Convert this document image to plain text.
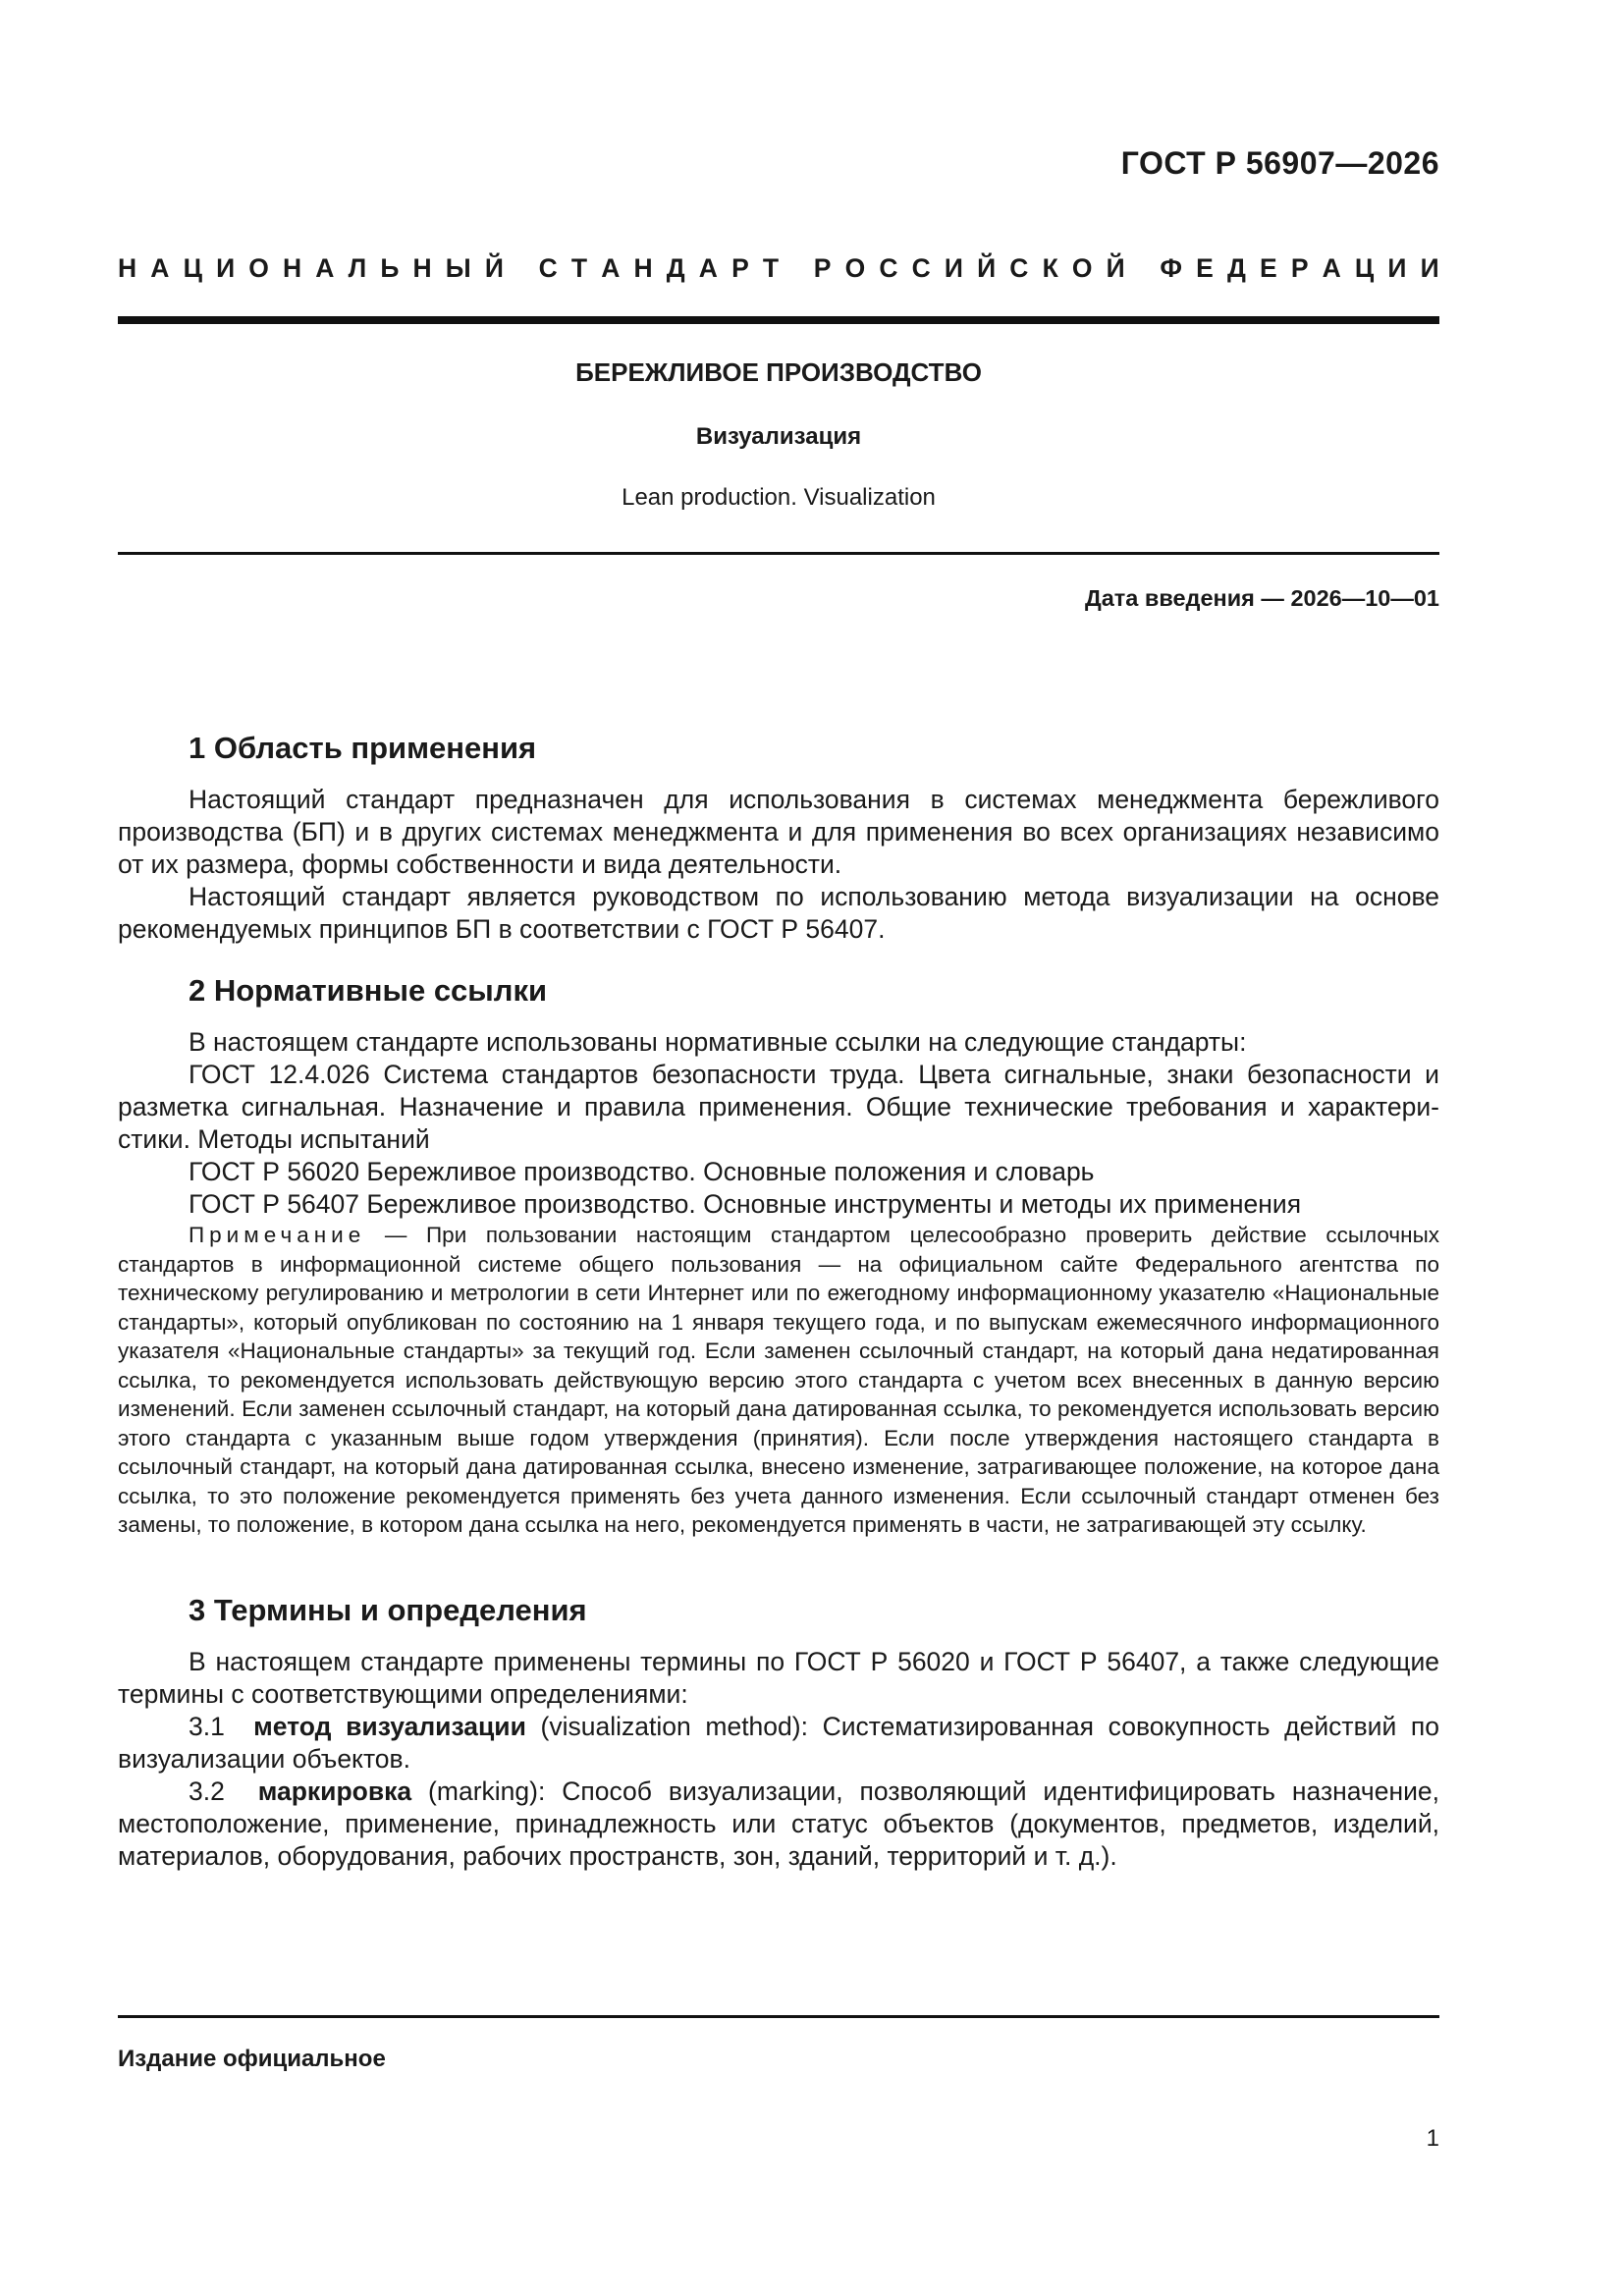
ГОСТ Р 56907—2026
Н А Ц И О Н А Л Ь Н Ы Й
С Т А Н Д А Р Т
Р О С С И Й С К О Й
Ф Е Д Е Р А Ц И И
БЕРЕЖЛИВОЕ ПРОИЗВОДСТВО
Визуализация
Lean production. Visualization
Дата введения — 2026—10—01
1 Область применения

Настоящий стандарт предназначен для использования в системах менеджмента бережливого производства (БП) и в других системах менеджмента и для применения во всех организациях независимо от их размера, формы собственности и вида деятельности.

Настоящий стандарт является руководством по использованию метода визуализации на основе рекомендуемых принципов БП в соответствии с ГОСТ Р 56407.

2 Нормативные ссылки

В настоящем стандарте использованы нормативные ссылки на следующие стандарты:

ГОСТ 12.4.026 Система стандартов безопасности труда. Цвета сигнальные, знаки безопасности и разметка сигнальная. Назначение и правила применения. Общие технические требования и характеристики. Методы испытаний

ГОСТ Р 56020 Бережливое производство. Основные положения и словарь

ГОСТ Р 56407 Бережливое производство. Основные инструменты и методы их применения

Примечание — При пользовании настоящим стандартом целесообразно проверить действие ссылочных стандартов в информационной системе общего пользования — на официальном сайте Федерального агентства по техническому регулированию и метрологии в сети Интернет или по ежегодному информационному указателю «Национальные стандарты», который опубликован по состоянию на 1 января текущего года, и по выпускам ежемесячного информационного указателя «Национальные стандарты» за текущий год. Если заменен ссылочный стандарт, на который дана недатированная ссылка, то рекомендуется использовать действующую версию этого стандарта с учетом всех внесенных в данную версию изменений. Если заменен ссылочный стандарт, на который дана датированная ссылка, то рекомендуется использовать версию этого стандарта с указанным выше годом утверждения (принятия). Если после утверждения настоящего стандарта в ссылочный стандарт, на который дана датированная ссылка, внесено изменение, затрагивающее положение, на которое дана ссылка, то это положение рекомендуется применять без учета данного изменения. Если ссылочный стандарт отменен без замены, то положение, в котором дана ссылка на него, рекомендуется применять в части, не затрагивающей эту ссылку.

3 Термины и определения

В настоящем стандарте применены термины по ГОСТ Р 56020 и ГОСТ Р 56407, а также следующие термины с соответствующими определениями:

3.1 метод визуализации (visualization method): Систематизированная совокупность действий по визуализации объектов.

3.2 маркировка (marking): Способ визуализации, позволяющий идентифицировать назначение, местоположение, применение, принадлежность или статус объектов (документов, предметов, изделий, материалов, оборудования, рабочих пространств, зон, зданий, территорий и т. д.).

Издание официальное
1
